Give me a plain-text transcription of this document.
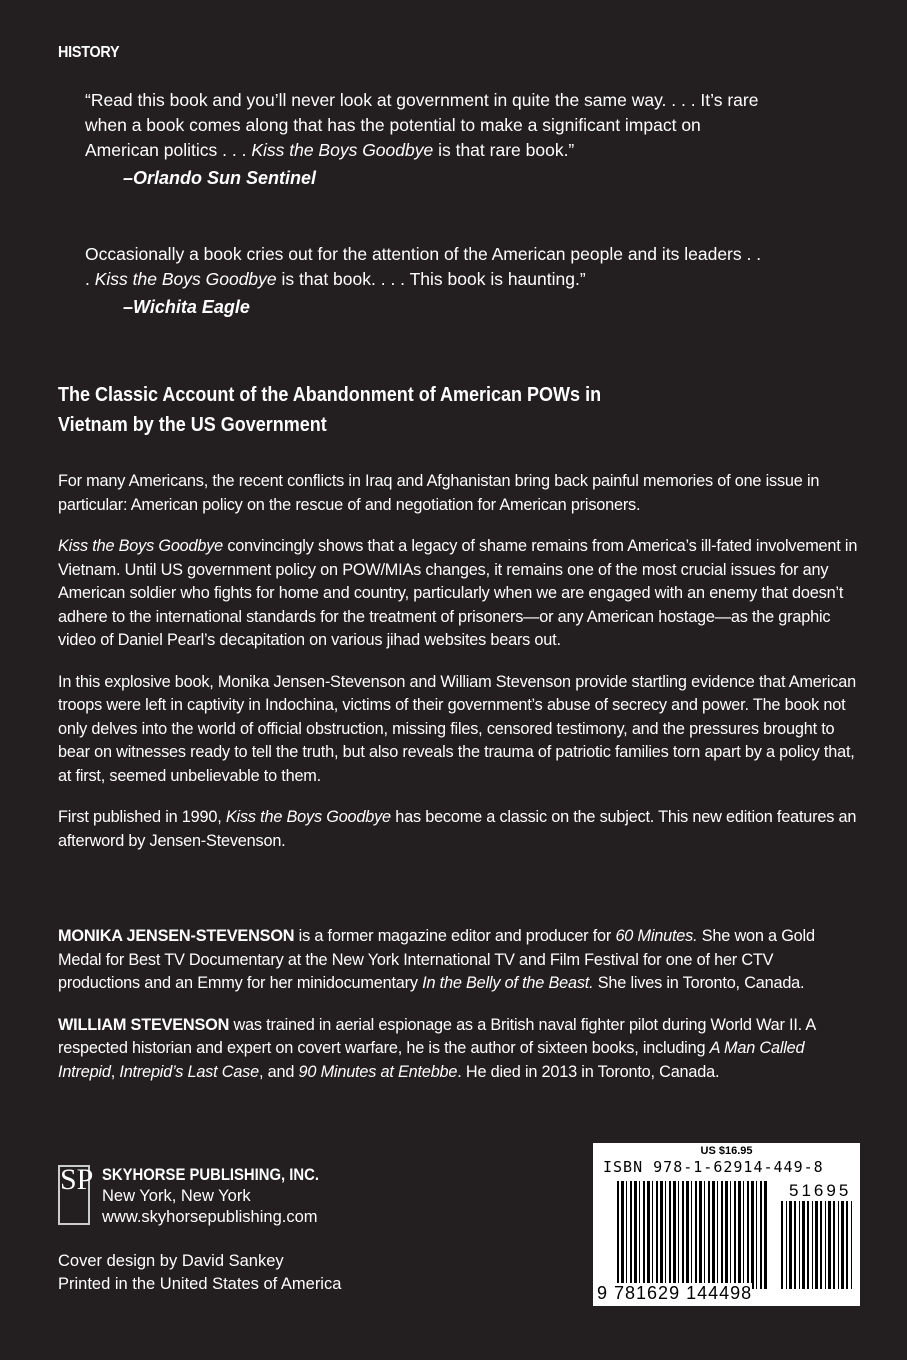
HISTORY
“Read this book and you’ll never look at government in quite the same way. . . . It’s rare when a book comes along that has the potential to make a significant impact on American politics . . . Kiss the Boys Goodbye is that rare book.”
–Orlando Sun Sentinel
Occasionally a book cries out for the attention of the American people and its leaders . . . Kiss the Boys Goodbye is that book. . . . This book is haunting.”
–Wichita Eagle
The Classic Account of the Abandonment of American POWs in Vietnam by the US Government

For many Americans, the recent conflicts in Iraq and Afghanistan bring back painful memories of one issue in particular: American policy on the rescue of and negotiation for American prisoners.

Kiss the Boys Goodbye convincingly shows that a legacy of shame remains from America’s ill-fated involvement in Vietnam. Until US government policy on POW/MIAs changes, it remains one of the most crucial issues for any American soldier who fights for home and country, particularly when we are engaged with an enemy that doesn’t adhere to the international standards for the treatment of prisoners—or any American hostage—as the graphic video of Daniel Pearl’s decapitation on various jihad websites bears out.

In this explosive book, Monika Jensen-Stevenson and William Stevenson provide startling evidence that American troops were left in captivity in Indochina, victims of their government’s abuse of secrecy and power. The book not only delves into the world of official obstruction, missing files, censored testimony, and the pressures brought to bear on witnesses ready to tell the truth, but also reveals the trauma of patriotic families torn apart by a policy that, at first, seemed unbelievable to them.

First published in 1990, Kiss the Boys Goodbye has become a classic on the subject. This new edition features an afterword by Jensen-Stevenson.

MONIKA JENSEN-STEVENSON is a former magazine editor and producer for 60 Minutes. She won a Gold Medal for Best TV Documentary at the New York International TV and Film Festival for one of her CTV productions and an Emmy for her minidocumentary In the Belly of the Beast. She lives in Toronto, Canada.

WILLIAM STEVENSON was trained in aerial espionage as a British naval fighter pilot during World War II. A respected historian and expert on covert warfare, he is the author of sixteen books, including A Man Called Intrepid, Intrepid’s Last Case, and 90 Minutes at Entebbe. He died in 2013 in Toronto, Canada.

SP SKYHORSE PUBLISHING, INC.
New York, New York
www.skyhorsepublishing.com
Cover design by David Sankey
Printed in the United States of America
US $16.95
ISBN 978-1-62914-449-8
51695
9 781629 144498
